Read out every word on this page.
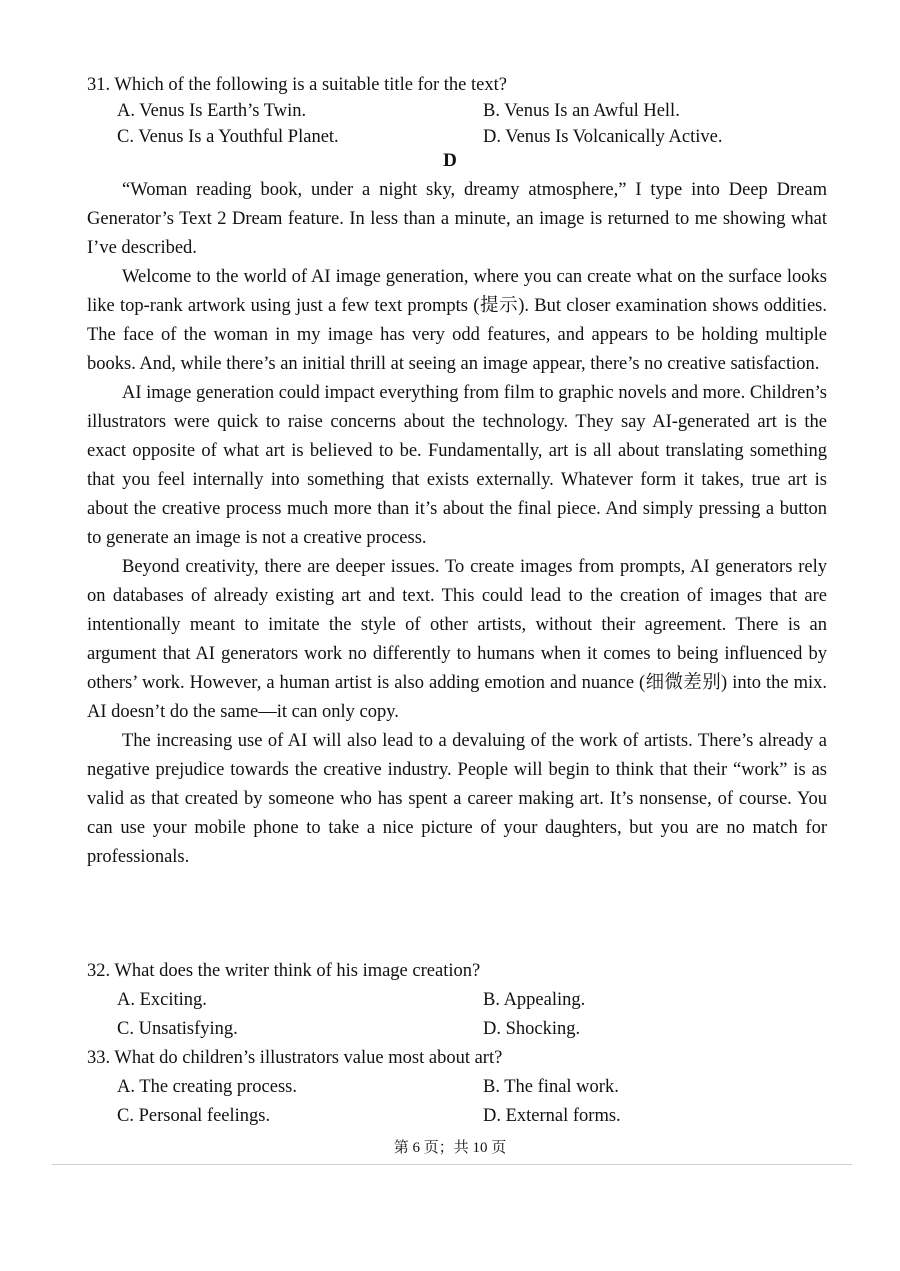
31. Which of the following is a suitable title for the text?
A. Venus Is Earth’s Twin.	B. Venus Is an Awful Hell.
C. Venus Is a Youthful Planet.	D. Venus Is Volcanically Active.
D

“Woman reading book, under a night sky, dreamy atmosphere,” I type into Deep Dream Generator’s Text 2 Dream feature. In less than a minute, an image is returned to me showing what I’ve described.

Welcome to the world of AI image generation, where you can create what on the surface looks like top-rank artwork using just a few text prompts (提示). But closer examination shows oddities. The face of the woman in my image has very odd features, and appears to be holding multiple books. And, while there’s an initial thrill at seeing an image appear, there’s no creative satisfaction.

AI image generation could impact everything from film to graphic novels and more. Children’s illustrators were quick to raise concerns about the technology. They say AI-generated art is the exact opposite of what art is believed to be. Fundamentally, art is all about translating something that you feel internally into something that exists externally. Whatever form it takes, true art is about the creative process much more than it’s about the final piece. And simply pressing a button to generate an image is not a creative process.

Beyond creativity, there are deeper issues. To create images from prompts, AI generators rely on databases of already existing art and text. This could lead to the creation of images that are intentionally meant to imitate the style of other artists, without their agreement. There is an argument that AI generators work no differently to humans when it comes to being influenced by others’ work. However, a human artist is also adding emotion and nuance (细微差别) into the mix. AI doesn’t do the same—it can only copy.

The increasing use of AI will also lead to a devaluing of the work of artists. There’s already a negative prejudice towards the creative industry. People will begin to think that their “work” is as valid as that created by someone who has spent a career making art. It’s nonsense, of course. You can use your mobile phone to take a nice picture of your daughters, but you are no match for professionals.

32. What does the writer think of his image creation?
A. Exciting.	B. Appealing.
C. Unsatisfying.	D. Shocking.
33. What do children’s illustrators value most about art?
A. The creating process.	B. The final work.
C. Personal feelings.	D. External forms.
第 6 页；共 10 页
